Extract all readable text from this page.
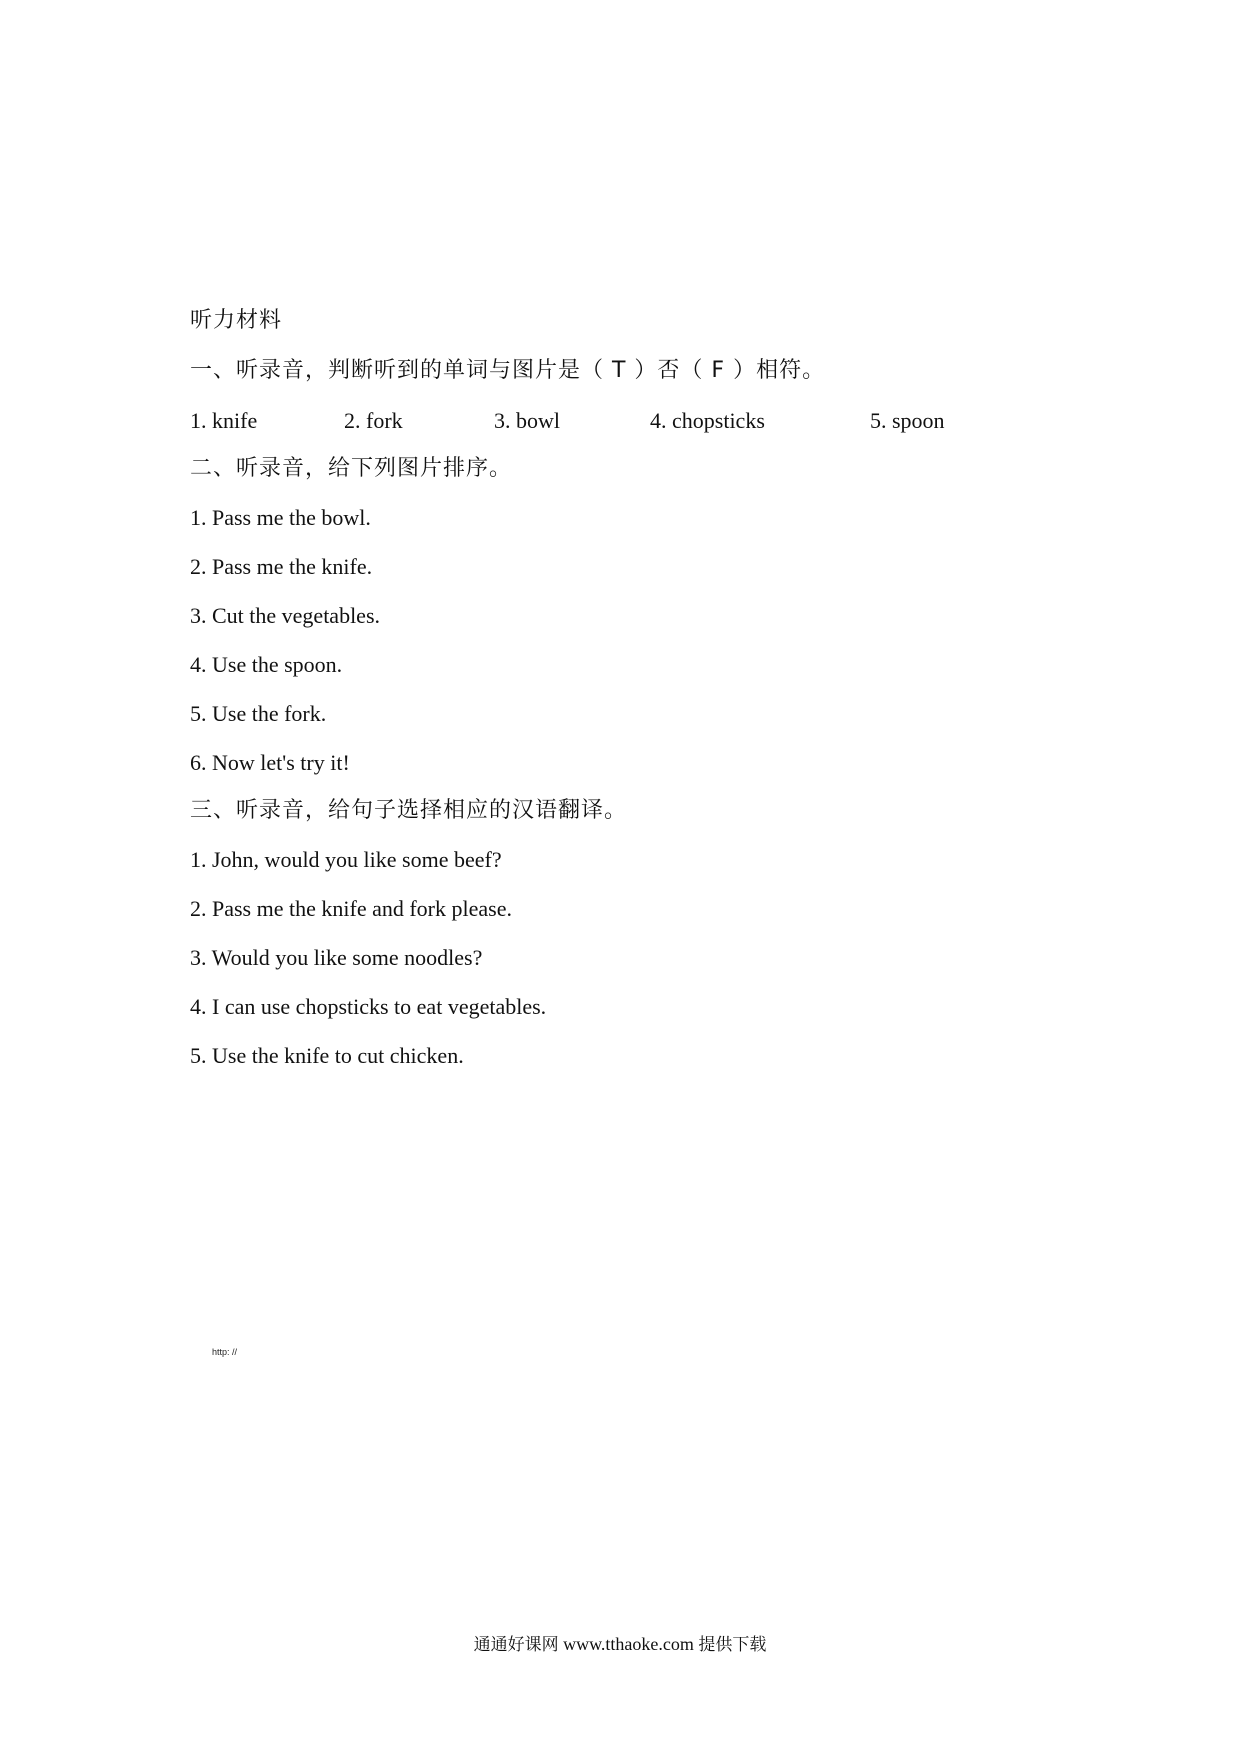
听力材料
一、听录音，判断听到的单词与图片是（ T ）否（ F ）相符。
1. knife	2. fork	3. bowl	4. chopsticks	5. spoon
二、听录音，给下列图片排序。
1. Pass me the bowl.
2. Pass me the knife.
3. Cut the vegetables.
4. Use the spoon.
5. Use the fork.
6. Now let's try it!
三、听录音，给句子选择相应的汉语翻译。
1. John, would you like some beef?
2. Pass me the knife and fork please.
3. Would you like some noodles?
4. I can use chopsticks to eat vegetables.
5. Use the knife to cut chicken.
http: //
通通好课网 www.tthaoke.com 提供下载
